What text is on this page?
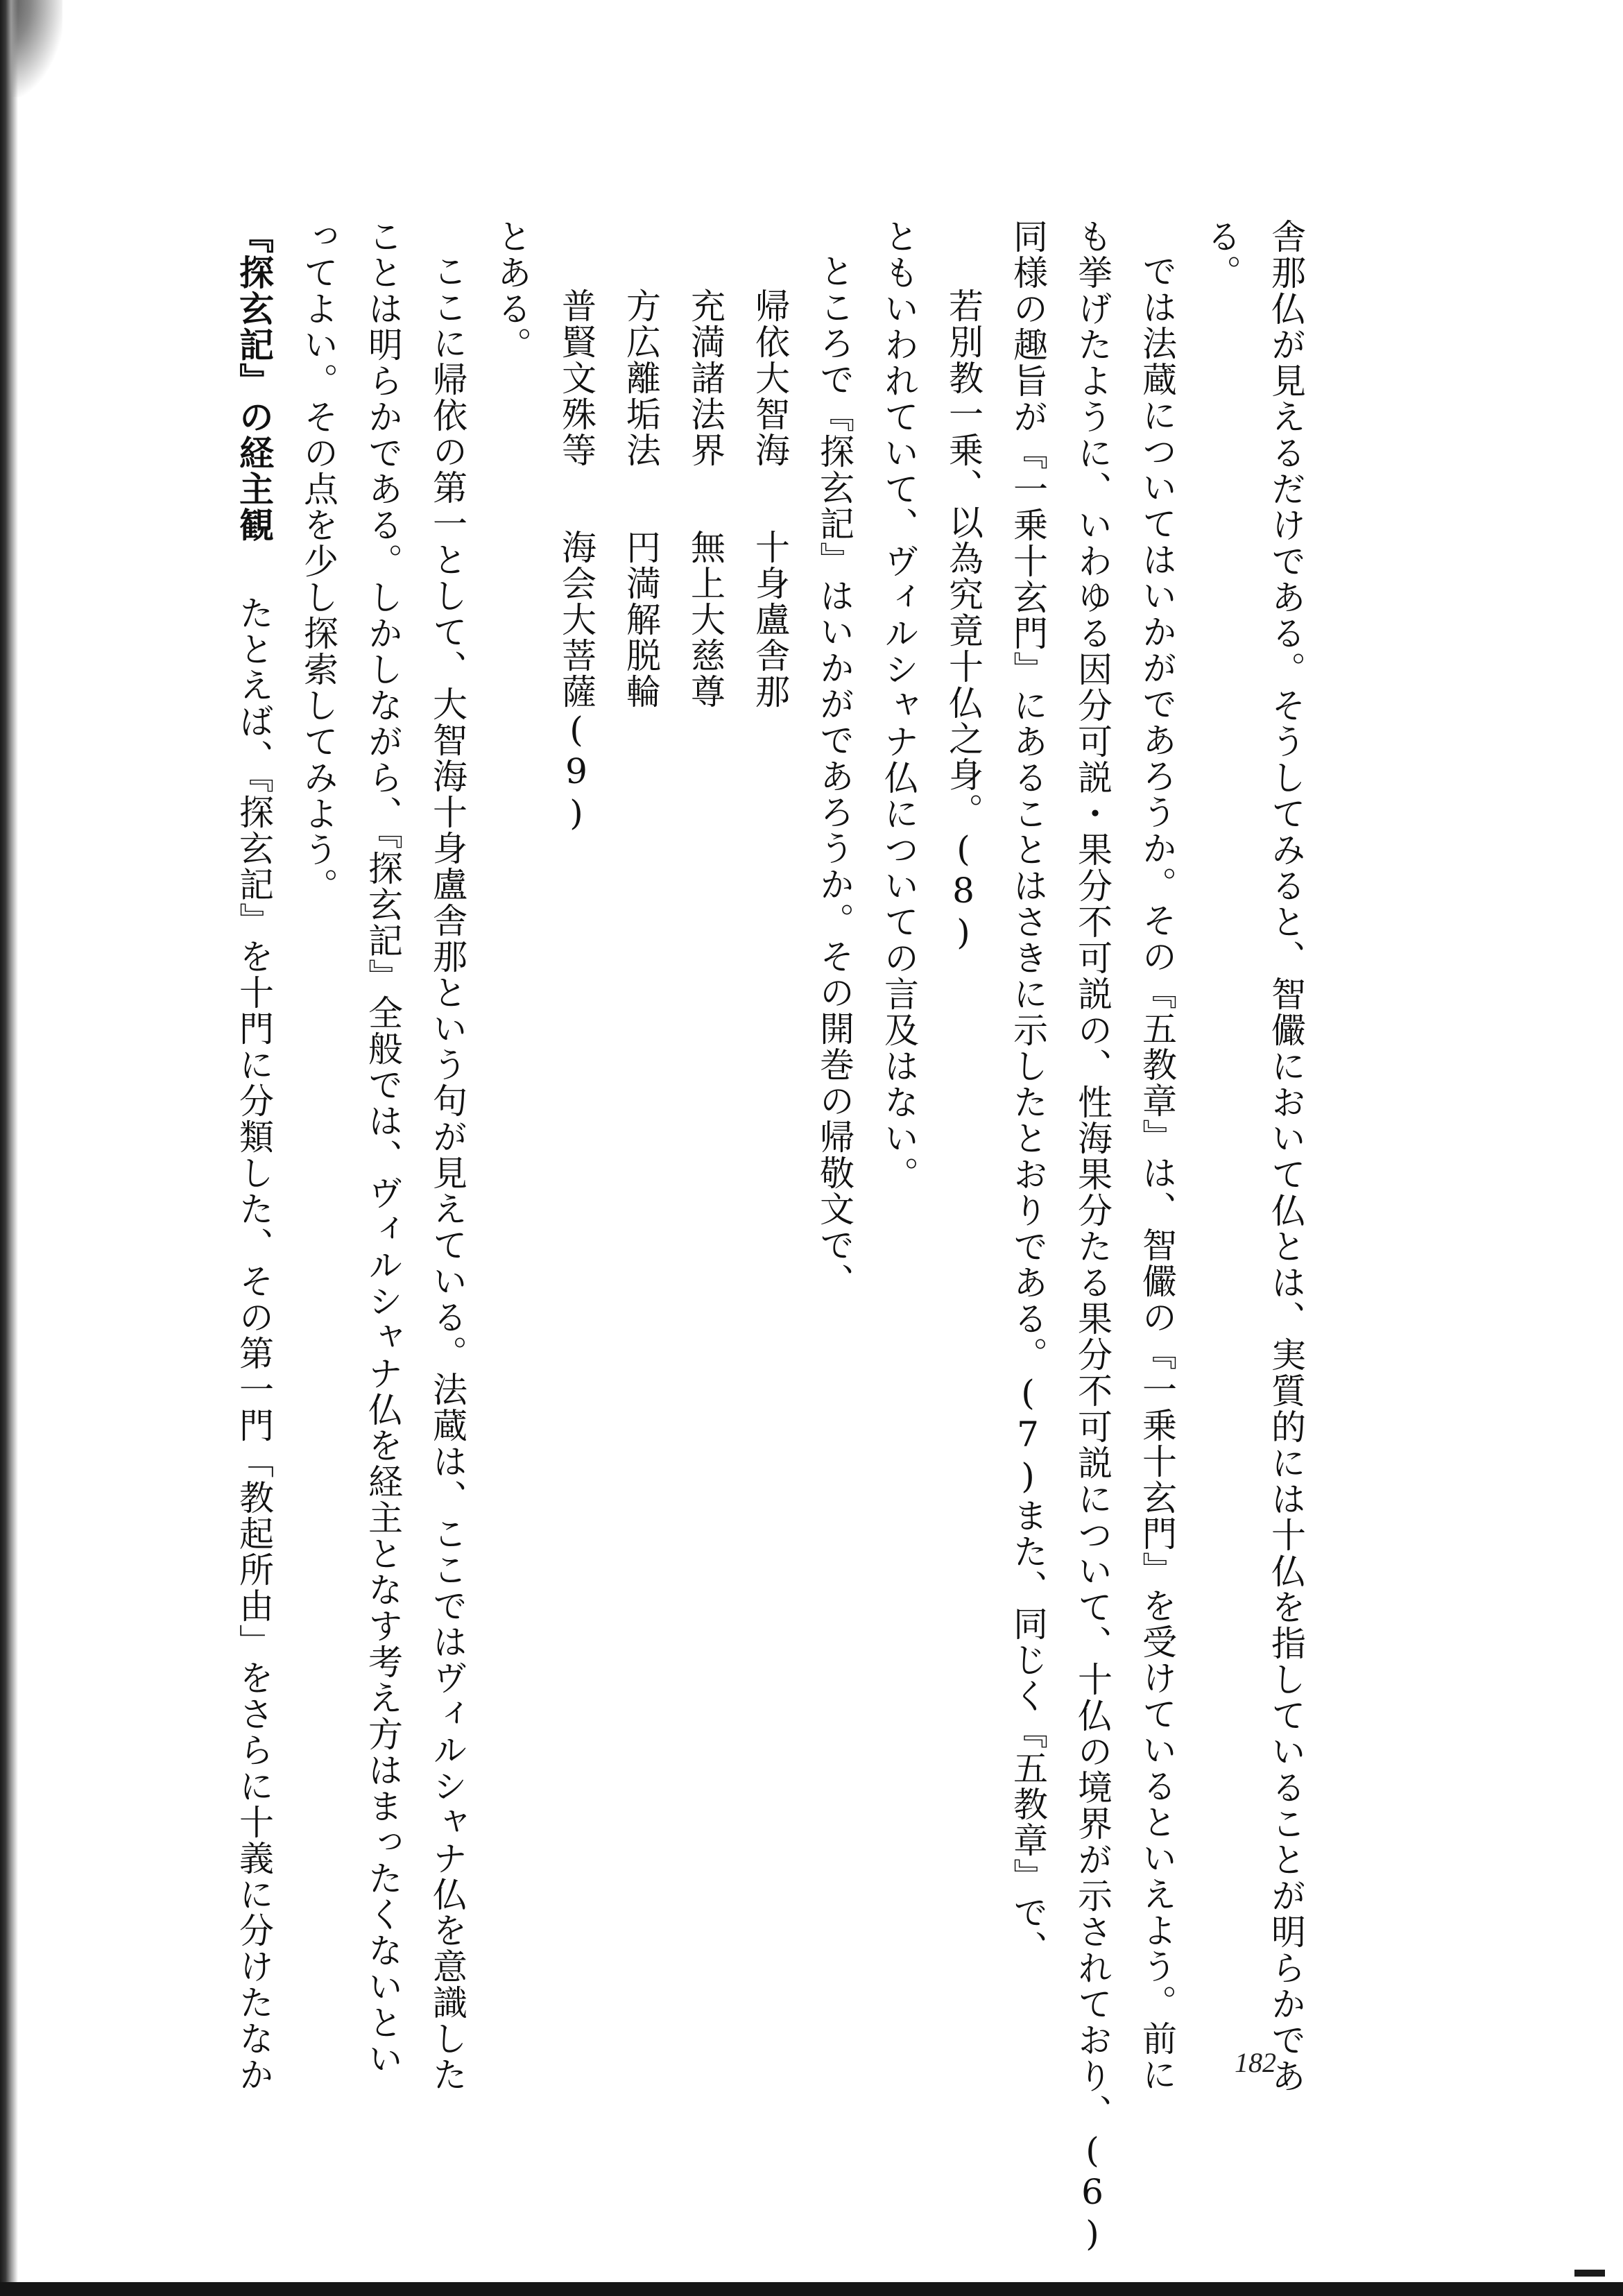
舎那仏が見えるだけである。そうしてみると、智儼において仏とは、実質的には十仏を指していることが明らかであ
る。
では法蔵についてはいかがであろうか。その『五教章』は、智儼の『一乗十玄門』を受けているといえよう。前に
も挙げたように、いわゆる因分可説・果分不可説の、性海果分たる果分不可説について、十仏の境界が示されており、(6)
同様の趣旨が『一乗十玄門』にあることはさきに示したとおりである。(7)また、同じく『五教章』で、
若別教一乗、以為究竟十仏之身。(8)
ともいわれていて、ヴィルシャナ仏についての言及はない。
ところで『探玄記』はいかがであろうか。その開巻の帰敬文で、
帰依大智海十身盧舎那
充満諸法界無上大慈尊
方広離垢法円満解脱輪
普賢文殊等海会大菩薩(9)
とある。
ここに帰依の第一として、大智海十身盧舎那という句が見えている。法蔵は、ここではヴィルシャナ仏を意識した
ことは明らかである。しかしながら、『探玄記』全般では、ヴィルシャナ仏を経主となす考え方はまったくないとい
ってよい。その点を少し探索してみよう。
『探玄記』の経主観たとえば、『探玄記』を十門に分類した、その第一門「教起所由」をさらに十義に分けたなか	182
